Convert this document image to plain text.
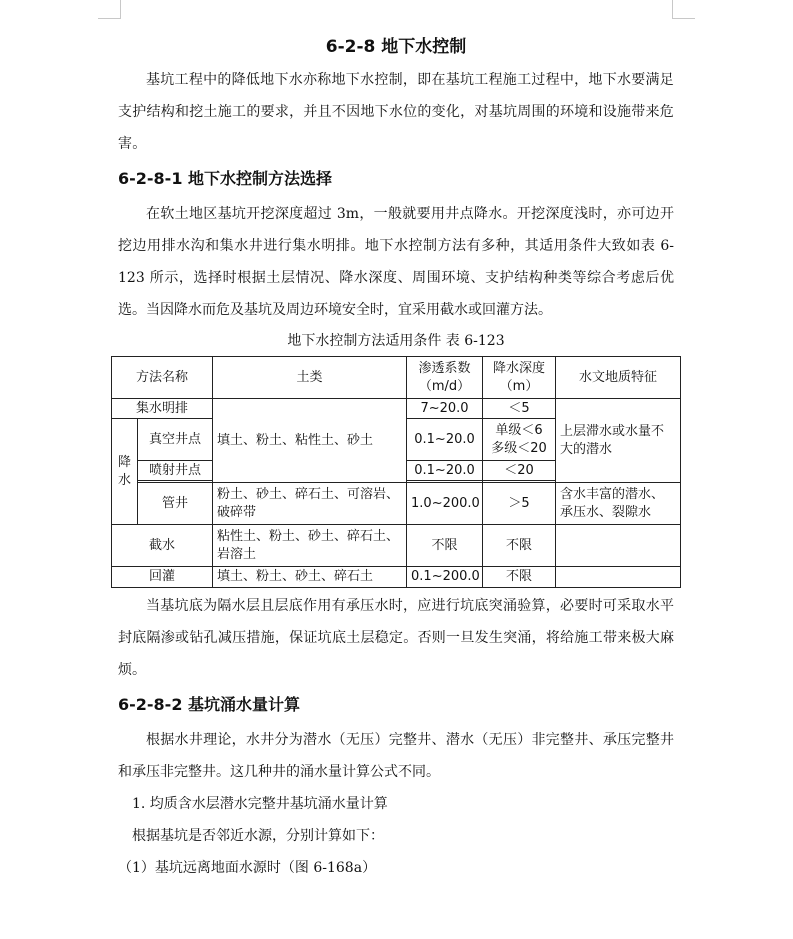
6-2-8 地下水控制

基坑工程中的降低地下水亦称地下水控制，即在基坑工程施工过程中，地下水要满足支护结构和挖土施工的要求，并且不因地下水位的变化，对基坑周围的环境和设施带来危害。

6-2-8-1 地下水控制方法选择

在软土地区基坑开挖深度超过 3m，一般就要用井点降水。开挖深度浅时，亦可边开挖边用排水沟和集水井进行集水明排。地下水控制方法有多种，其适用条件大致如表 6-123 所示，选择时根据土层情况、降水深度、周围环境、支护结构种类等综合考虑后优选。当因降水而危及基坑及周边环境安全时，宜采用截水或回灌方法。

地下水控制方法适用条件 表 6-123
方法名称		土类	渗透系数（m/d）	降水深度（m）	水文地质特征
集水明排		填土、粉土、粘性土、砂土	7~20.0	＜5	上层滞水或水量不大的潜水
降水	真空井点		0.1~20.0	单级＜6 多级＜20	
	喷射井点		0.1~20.0	＜20	

	管井	粉土、砂土、碎石土、可溶岩、破碎带	1.0~200.0	＞5	含水丰富的潜水、承压水、裂隙水
截水		粘性土、粉土、砂土、碎石土、岩溶土	不限	不限	
回灌		填土、粉土、砂土、碎石土	0.1~200.0	不限	

当基坑底为隔水层且层底作用有承压水时，应进行坑底突涌验算，必要时可采取水平封底隔渗或钻孔减压措施，保证坑底土层稳定。否则一旦发生突涌，将给施工带来极大麻烦。

6-2-8-2 基坑涌水量计算

根据水井理论，水井分为潜水（无压）完整井、潜水（无压）非完整井、承压完整井和承压非完整井。这几种井的涌水量计算公式不同。

1. 均质含水层潜水完整井基坑涌水量计算

根据基坑是否邻近水源，分别计算如下：

（1）基坑远离地面水源时（图 6-168a）
